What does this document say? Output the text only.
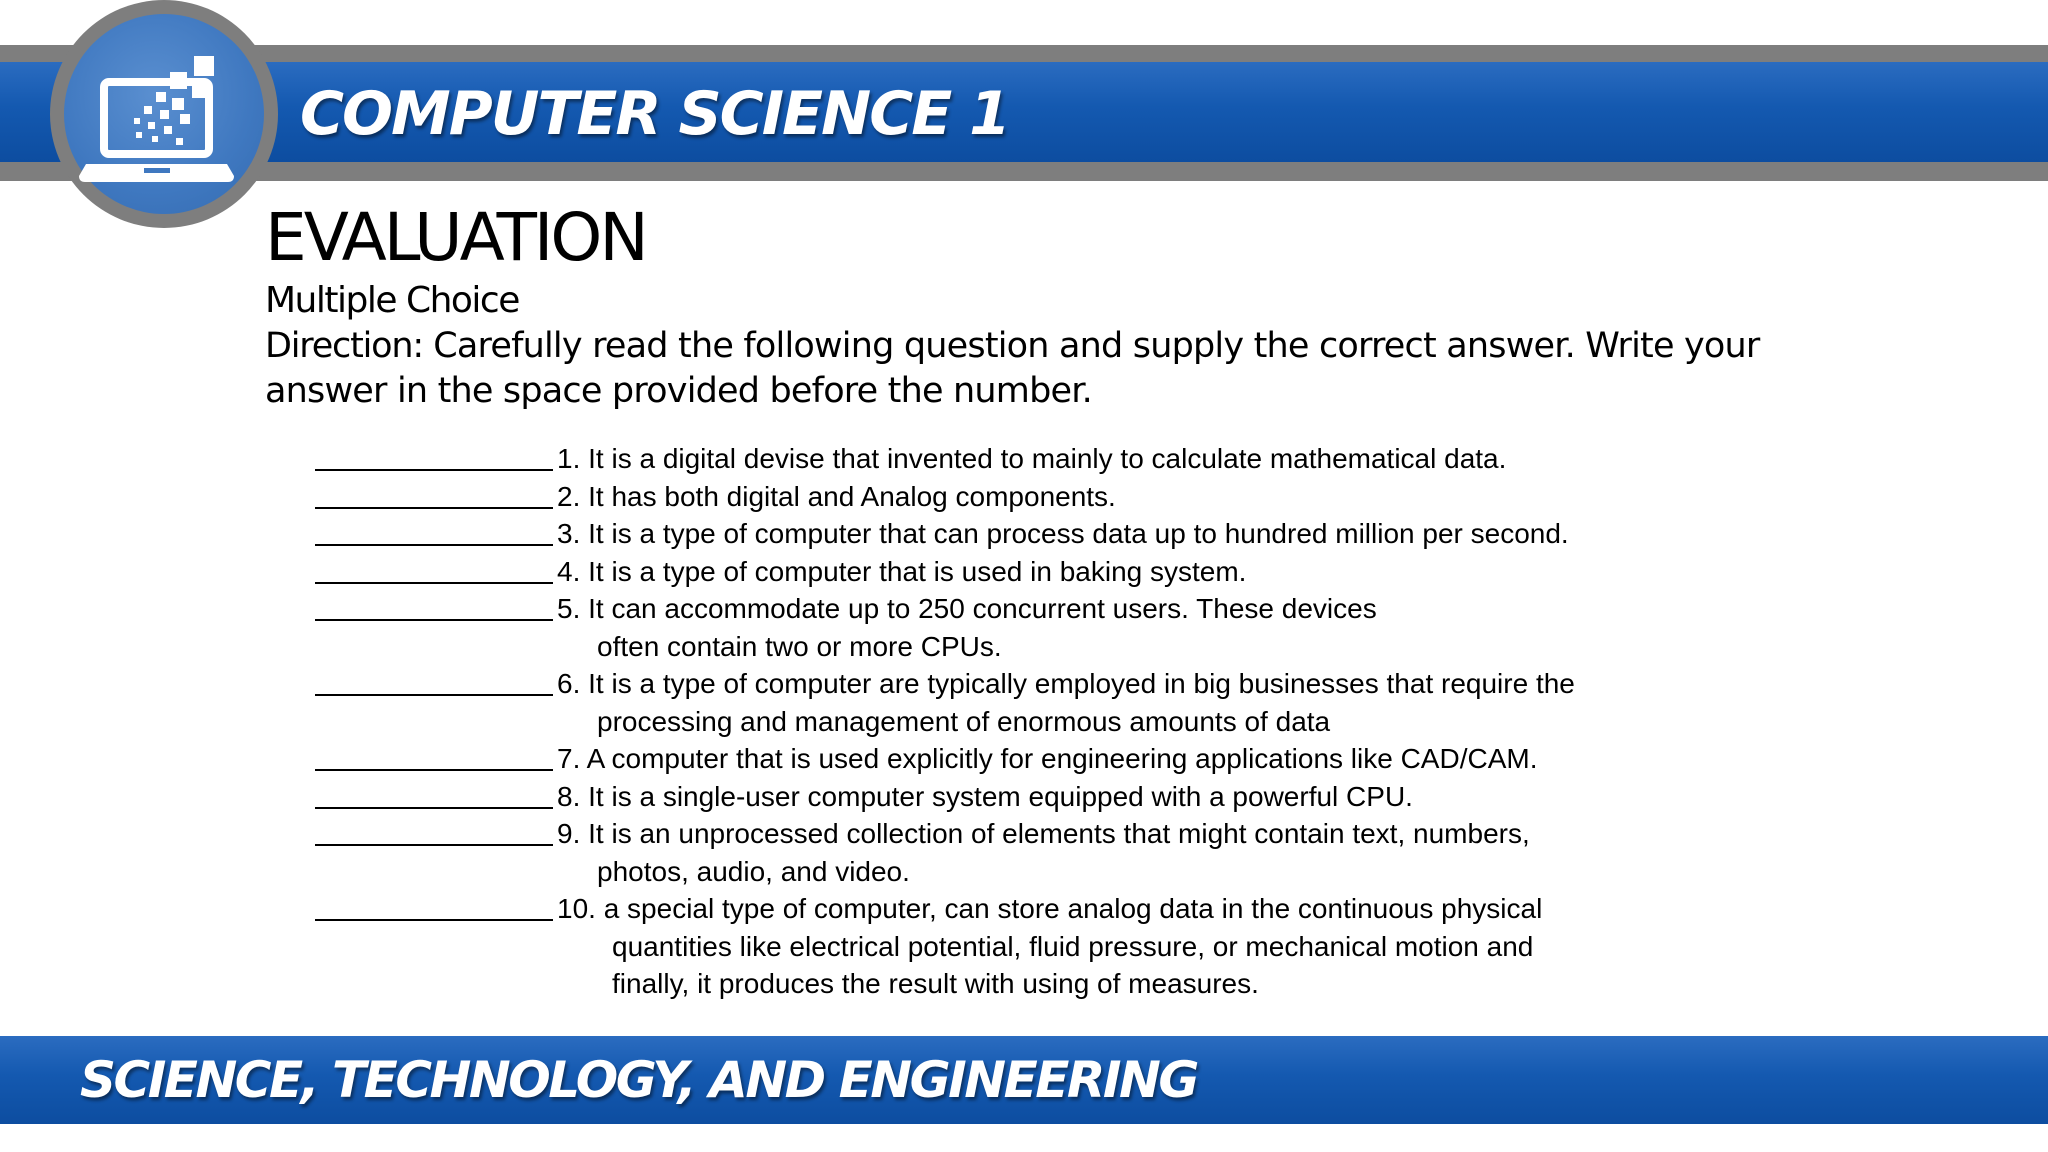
COMPUTER SCIENCE 1
EVALUATION
Multiple Choice
Direction: Carefully read the following question and supply the correct answer. Write your answer in the space provided before the number.
1. It is a digital devise that invented to mainly to calculate mathematical data.
2. It has both digital and Analog components.
3. It is a type of computer that can process data up to hundred million per second.
4. It is a type of computer that is used in baking system.
5. It can accommodate up to 250 concurrent users. These devices
often contain two or more CPUs.
6. It is a type of computer are typically employed in big businesses that require the
processing and management of enormous amounts of data
7. A computer that is used explicitly for engineering applications like CAD/CAM.
8. It is a single-user computer system equipped with a powerful CPU.
9. It is an unprocessed collection of elements that might contain text, numbers,
photos, audio, and video.
10. a special type of computer, can store analog data in the continuous physical
quantities like electrical potential, fluid pressure, or mechanical motion and
finally, it produces the result with using of measures.
SCIENCE, TECHNOLOGY, AND ENGINEERING
